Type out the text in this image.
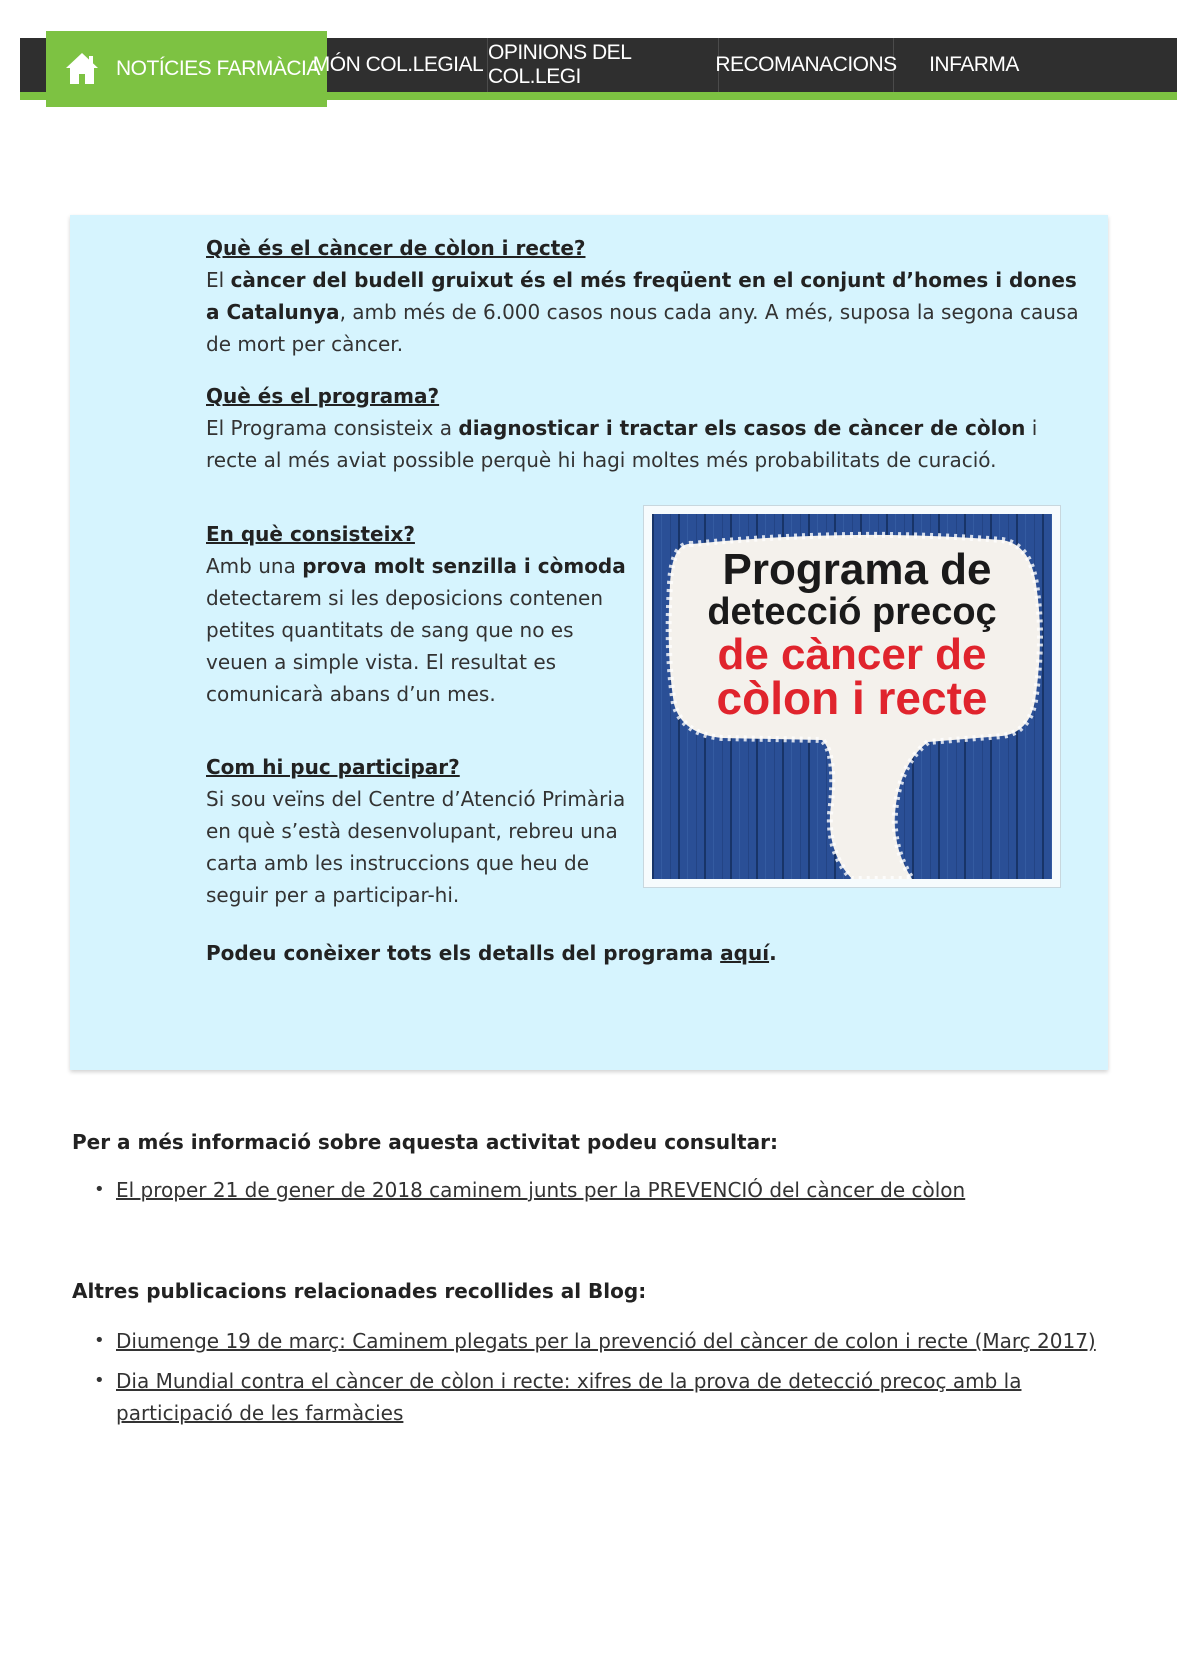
NOTÍCIES FARMÀCIA
MÓN COL.LEGIAL
OPINIONS DEL COL.LEGI
RECOMANACIONS	INFARMA
Què és el càncer de còlon i recte?

El càncer del budell gruixut és el més freqüent en el conjunt d’homes i dones a Catalunya, amb més de 6.000 casos nous cada any. A més, suposa la segona causa de mort per càncer.

Què és el programa?

El Programa consisteix a diagnosticar i tractar els casos de càncer de còlon i recte al més aviat possible perquè hi hagi moltes més probabilitats de curació.

En què consisteix?

Amb una prova molt senzilla i còmoda detectarem si les deposicions contenen petites quantitats de sang que no es veuen a simple vista. El resultat es comunicarà abans d’un mes.

Com hi puc participar?

Si sou veïns del Centre d’Atenció Primària en què s’està desenvolupant, rebreu una carta amb les instruccions que heu de seguir per a participar-hi.

Podeu conèixer tots els detalls del programa aquí.
Programa de
detecció precoç
de càncer de
còlon i recte
Per a més informació sobre aquesta activitat podeu consultar:
• El proper 21 de gener de 2018 caminem junts per la PREVENCIÓ del càncer de còlon
Altres publicacions relacionades recollides al Blog:
• Diumenge 19 de març: Caminem plegats per la prevenció del càncer de colon i recte (Març 2017)
• Dia Mundial contra el càncer de còlon i recte: xifres de la prova de detecció precoç amb la participació de les farmàcies
